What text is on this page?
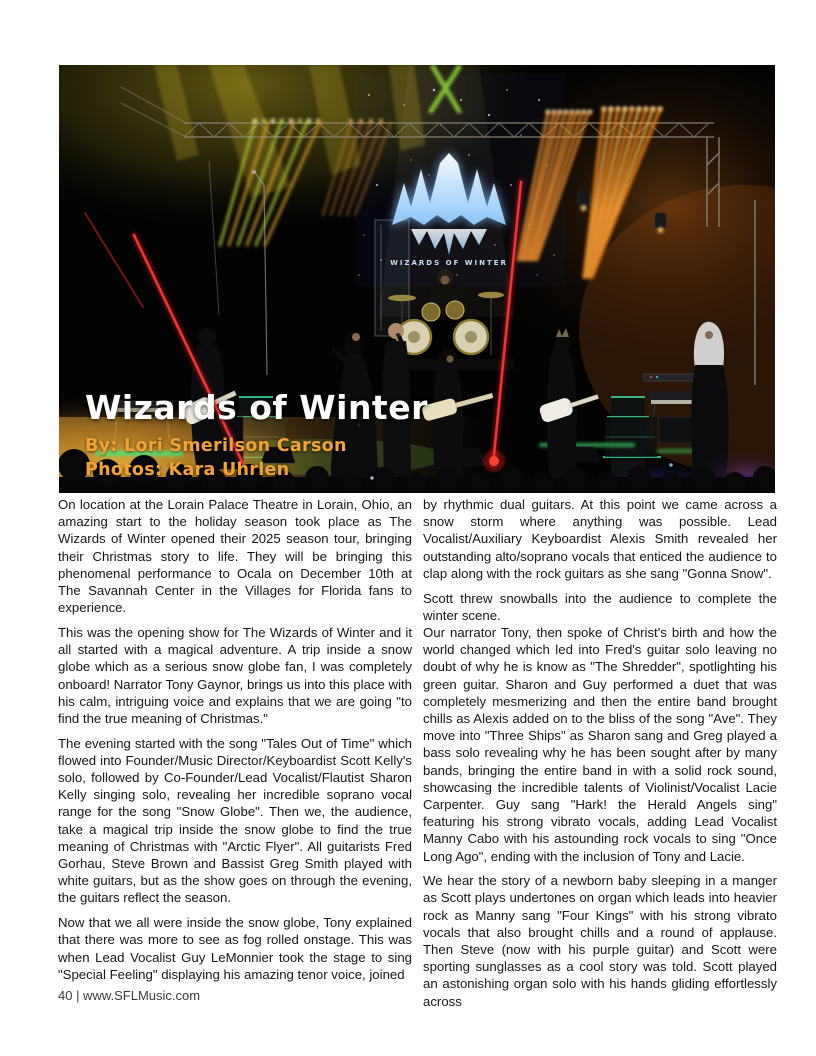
WIZARDS OF WINTER
Wizards of Winter
By: Lori Smerilson Carson
Photos: Kara Uhrlen

On location at the Lorain Palace Theatre in Lorain, Ohio, an amazing start to the holiday season took place as The Wizards of Winter opened their 2025 season tour, bringing their Christmas story to life. They will be bringing this phenomenal performance to Ocala on December 10th at The Savannah Center in the Villages for Florida fans to experience.

This was the opening show for The Wizards of Winter and it all started with a magical adventure. A trip inside a snow globe which as a serious snow globe fan, I was completely onboard! Narrator Tony Gaynor, brings us into this place with his calm, intriguing voice and explains that we are going "to find the true meaning of Christmas."

The evening started with the song "Tales Out of Time" which flowed into Founder/Music Director/Keyboardist Scott Kelly's solo, followed by Co-Founder/Lead Vocalist/Flautist Sharon Kelly singing solo, revealing her incredible soprano vocal range for the song "Snow Globe". Then we, the audience, take a magical trip inside the snow globe to find the true meaning of Christmas with "Arctic Flyer". All guitarists Fred Gorhau, Steve Brown and Bassist Greg Smith played with white guitars, but as the show goes on through the evening, the guitars reflect the season.

Now that we all were inside the snow globe, Tony explained that there was more to see as fog rolled onstage. This was when Lead Vocalist Guy LeMonnier took the stage to sing "Special Feeling" displaying his amazing tenor voice, joined

by rhythmic dual guitars. At this point we came across a snow storm where anything was possible. Lead Vocalist/Auxiliary Keyboardist Alexis Smith revealed her outstanding alto/soprano vocals that enticed the audience to clap along with the rock guitars as she sang "Gonna Snow".

Scott threw snowballs into the audience to complete the winter scene.

Our narrator Tony, then spoke of Christ's birth and how the world changed which led into Fred's guitar solo leaving no doubt of why he is know as "The Shredder", spotlighting his green guitar. Sharon and Guy performed a duet that was completely mesmerizing and then the entire band brought chills as Alexis added on to the bliss of the song "Ave". They move into "Three Ships" as Sharon sang and Greg played a bass solo revealing why he has been sought after by many bands, bringing the entire band in with a solid rock sound, showcasing the incredible talents of Violinist/Vocalist Lacie Carpenter. Guy sang "Hark! the Herald Angels sing" featuring his strong vibrato vocals, adding Lead Vocalist Manny Cabo with his astounding rock vocals to sing "Once Long Ago", ending with the inclusion of Tony and Lacie.

We hear the story of a newborn baby sleeping in a manger as Scott plays undertones on organ which leads into heavier rock as Manny sang "Four Kings" with his strong vibrato vocals that also brought chills and a round of applause. Then Steve (now with his purple guitar) and Scott were sporting sunglasses as a cool story was told. Scott played an astonishing organ solo with his hands gliding effortlessly across

40 | www.SFLMusic.com
